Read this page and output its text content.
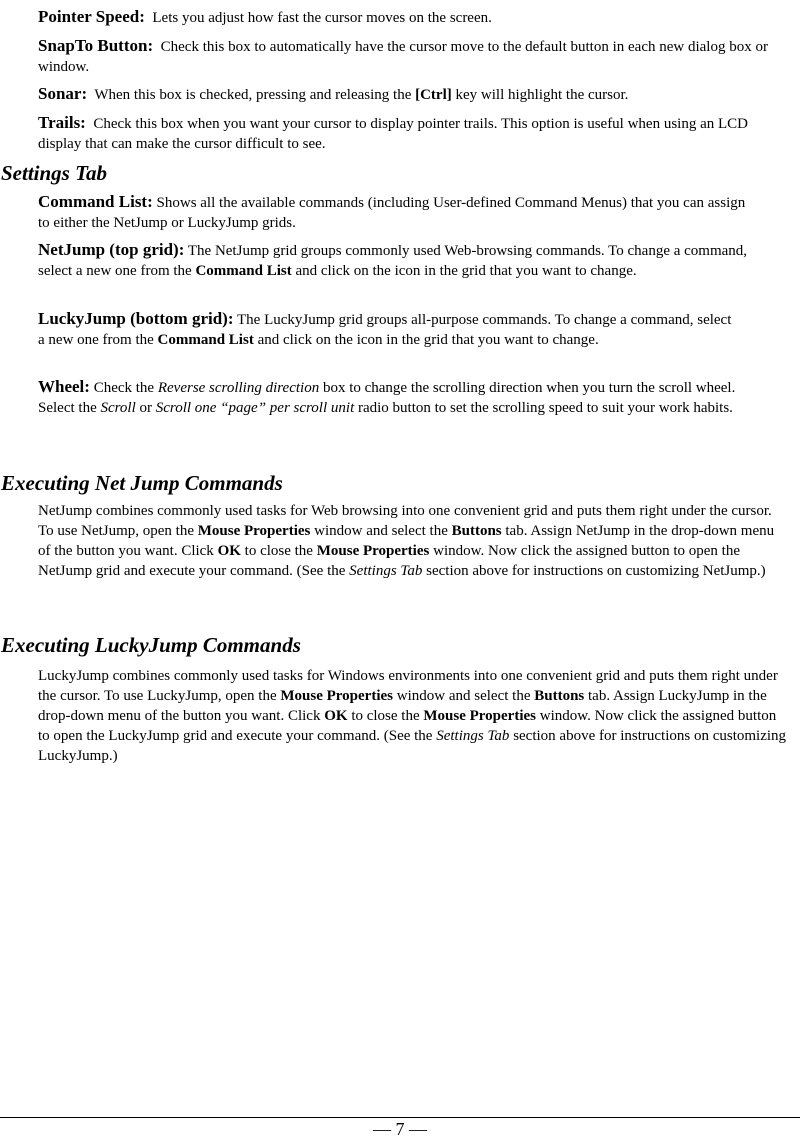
Pointer Speed: Lets you adjust how fast the cursor moves on the screen.
SnapTo Button: Check this box to automatically have the cursor move to the default button in each new dialog box or window.
Sonar: When this box is checked, pressing and releasing the [Ctrl] key will highlight the cursor.
Trails: Check this box when you want your cursor to display pointer trails. This option is useful when using an LCD display that can make the cursor difficult to see.
Settings Tab
Command List: Shows all the available commands (including User-defined Command Menus) that you can assign to either the NetJump or LuckyJump grids.
NetJump (top grid): The NetJump grid groups commonly used Web-browsing commands. To change a command, select a new one from the Command List and click on the icon in the grid that you want to change.
LuckyJump (bottom grid): The LuckyJump grid groups all-purpose commands. To change a command, select a new one from the Command List and click on the icon in the grid that you want to change.
Wheel: Check the Reverse scrolling direction box to change the scrolling direction when you turn the scroll wheel. Select the Scroll or Scroll one “page” per scroll unit radio button to set the scrolling speed to suit your work habits.
Executing Net Jump Commands
NetJump combines commonly used tasks for Web browsing into one convenient grid and puts them right under the cursor. To use NetJump, open the Mouse Properties window and select the Buttons tab. Assign NetJump in the drop-down menu of the button you want. Click OK to close the Mouse Properties window. Now click the assigned button to open the NetJump grid and execute your command. (See the Settings Tab section above for instructions on customizing NetJump.)
Executing LuckyJump Commands
LuckyJump combines commonly used tasks for Windows environments into one convenient grid and puts them right under the cursor. To use LuckyJump, open the Mouse Properties window and select the Buttons tab. Assign LuckyJump in the drop-down menu of the button you want. Click OK to close the Mouse Properties window. Now click the assigned button to open the LuckyJump grid and execute your command. (See the Settings Tab section above for instructions on customizing LuckyJump.)
— 7 —
